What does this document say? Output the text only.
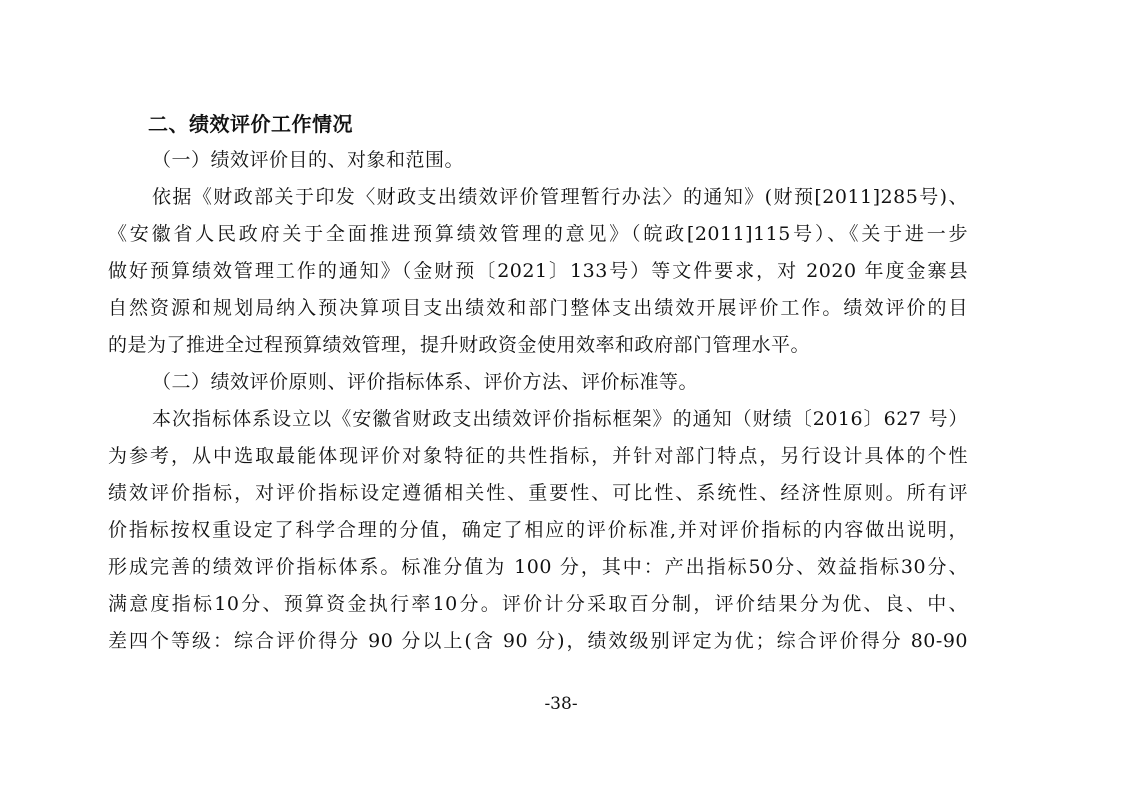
二、绩效评价工作情况
（一）绩效评价目的、对象和范围。
依据《财政部关于印发〈财政支出绩效评价管理暂行办法〉的通知》(财预[2011]285号)、
《安徽省人民政府关于全面推进预算绩效管理的意见》（皖政[2011]115号）、《关于进一步
做好预算绩效管理工作的通知》（金财预〔2021〕133号）等文件要求，对 2020 年度金寨县
自然资源和规划局纳入预决算项目支出绩效和部门整体支出绩效开展评价工作。绩效评价的目
的是为了推进全过程预算绩效管理，提升财政资金使用效率和政府部门管理水平。
（二）绩效评价原则、评价指标体系、评价方法、评价标准等。
本次指标体系设立以《安徽省财政支出绩效评价指标框架》的通知（财绩〔2016〕627 号）
为参考，从中选取最能体现评价对象特征的共性指标，并针对部门特点，另行设计具体的个性
绩效评价指标，对评价指标设定遵循相关性、重要性、可比性、系统性、经济性原则。所有评
价指标按权重设定了科学合理的分值，确定了相应的评价标准,并对评价指标的内容做出说明，
形成完善的绩效评价指标体系。标准分值为 100 分，其中：产出指标50分、效益指标30分、
满意度指标10分、预算资金执行率10分。评价计分采取百分制，评价结果分为优、良、中、
差四个等级：综合评价得分 90 分以上(含 90 分)，绩效级别评定为优；综合评价得分 80-90
-38-
